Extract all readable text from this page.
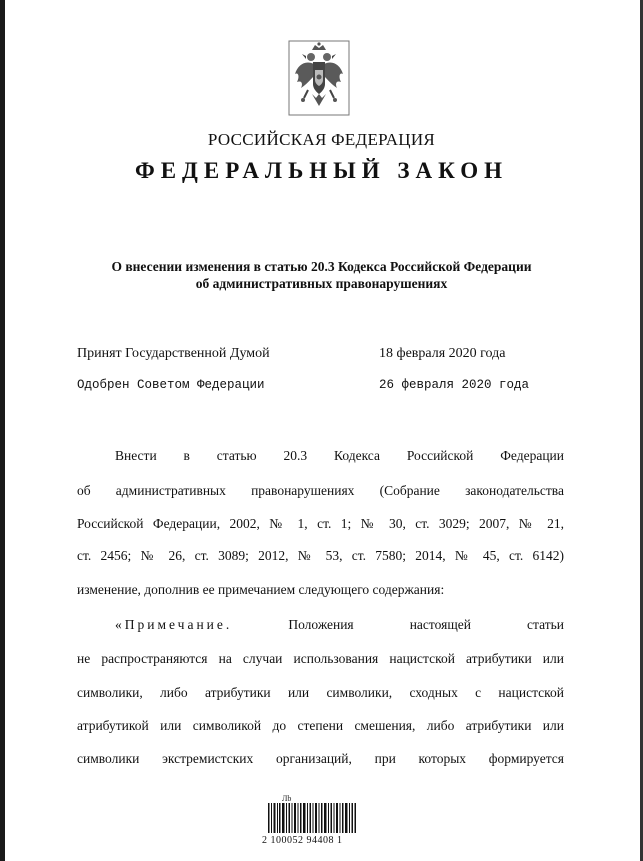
РОССИЙСКАЯ ФЕДЕРАЦИЯ
ФЕДЕРАЛЬНЫЙ ЗАКОН
О внесении изменения в статью 20.3 Кодекса Российской Федерации
об административных правонарушениях
Принят Государственной Думой	18 февраля 2020 года
Одобрен Советом Федерации	26 февраля 2020 года
Внести в статью 20.3 Кодекса Российской Федерации
об административных правонарушениях (Собрание законодательства
Российской Федерации, 2002, № 1, ст. 1; № 30, ст. 3029; 2007, № 21,
ст. 2456; № 26, ст. 3089; 2012, № 53, ст. 7580; 2014, № 45, ст. 6142)
изменение, дополнив ее примечанием следующего содержания:
«Примечание.	Положения настоящей статьи
не распространяются на случаи использования нацистской атрибутики или
символики, либо атрибутики или символики, сходных с нацистской
атрибутикой или символикой до степени смешения, либо атрибутики или
символики экстремистских организаций, при которых формируется
Лb
2 100052 94408 1
